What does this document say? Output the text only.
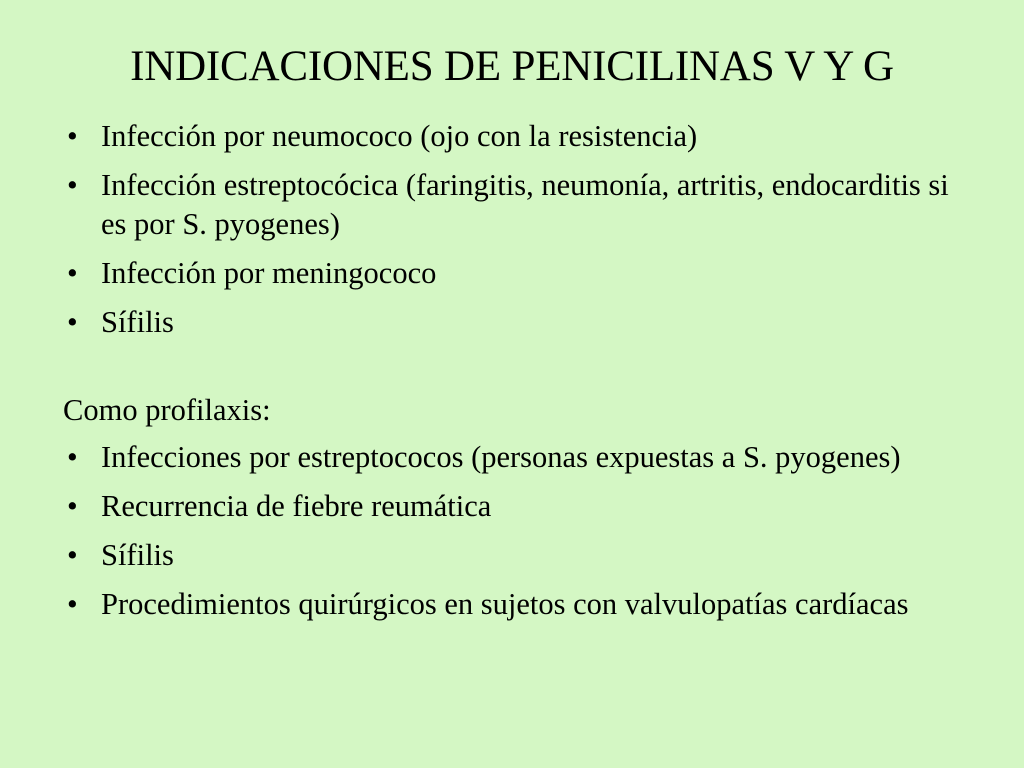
INDICACIONES DE PENICILINAS V Y G
• Infección por neumococo (ojo con la resistencia)
• Infección estreptocócica (faringitis, neumonía, artritis, endocarditis si es por S. pyogenes)
• Infección por meningococo
• Sífilis
Como profilaxis:
• Infecciones por estreptococos (personas expuestas a S. pyogenes)
• Recurrencia de fiebre reumática
• Sífilis
• Procedimientos quirúrgicos en sujetos con valvulopatías cardíacas
